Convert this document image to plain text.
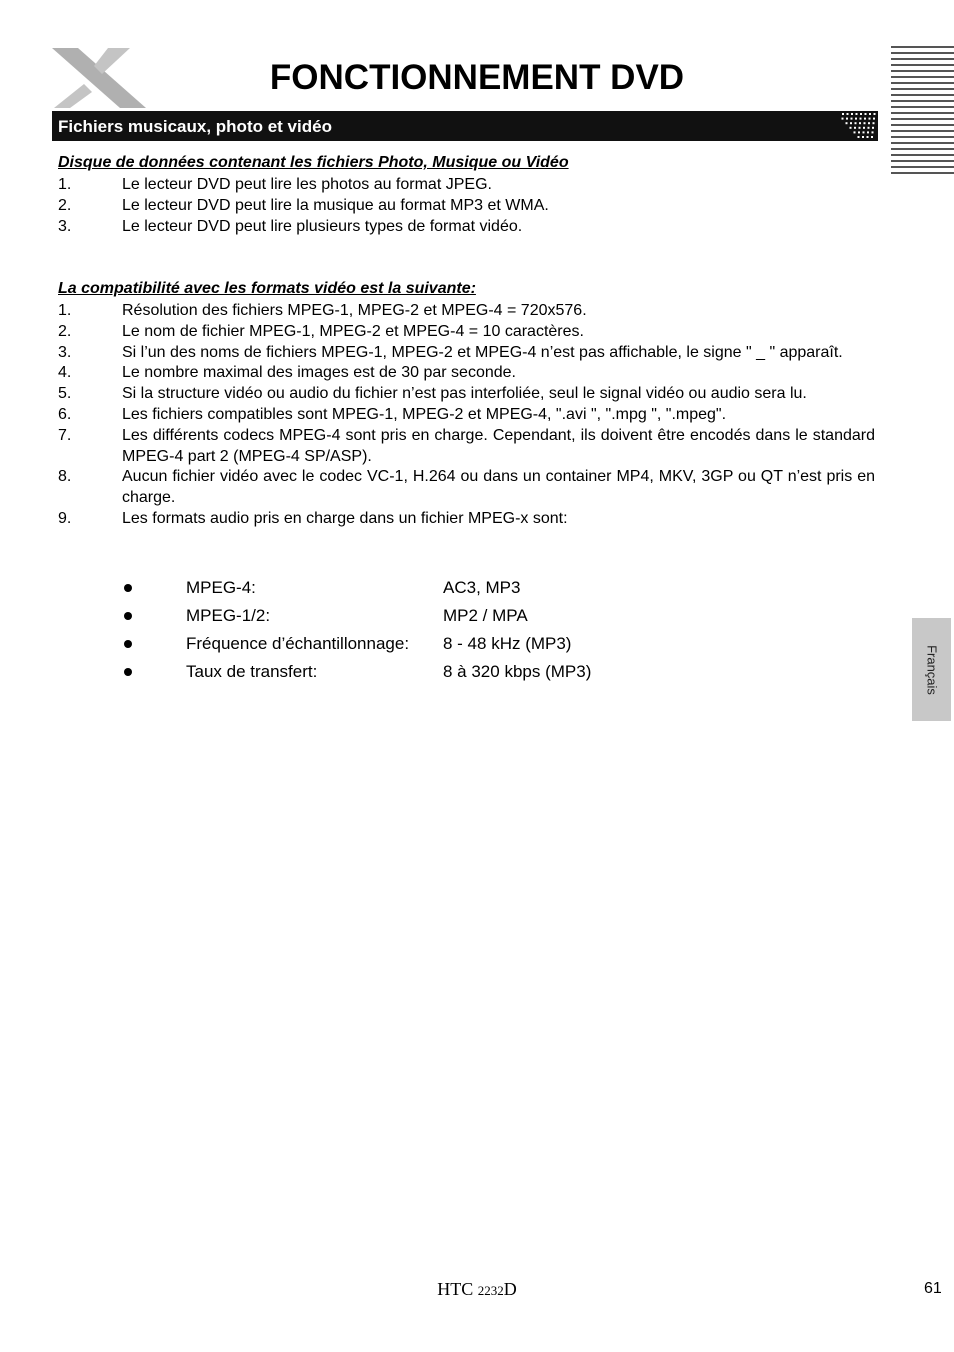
FONCTIONNEMENT DVD
Fichiers musicaux, photo et vidéo
Disque de données contenant les fichiers Photo, Musique ou Vidéo
1.	Le lecteur DVD peut lire les photos au format JPEG.
2.	Le lecteur DVD peut lire la musique au format MP3 et WMA.
3.	Le lecteur DVD peut lire plusieurs types de format vidéo.
La compatibilité avec les formats vidéo est la suivante:
1.	Résolution des fichiers MPEG-1, MPEG-2 et MPEG-4 = 720x576.
2.	Le nom de fichier MPEG-1, MPEG-2 et MPEG-4 = 10 caractères.
3.	Si l’un des noms de fichiers MPEG-1, MPEG-2 et MPEG-4 n’est pas affichable, le signe " _ " apparaît.
4.	Le nombre maximal des images est de 30 par seconde.
5.	Si la structure vidéo ou audio du fichier n’est pas interfoliée, seul le signal vidéo ou audio sera lu.
6.	Les fichiers compatibles sont MPEG-1, MPEG-2 et MPEG-4, ".avi ", ".mpg ", ".mpeg".
7.	Les différents codecs MPEG-4 sont pris en charge. Cependant, ils doivent être encodés dans le standard MPEG-4 part 2 (MPEG-4 SP/ASP).
8.	Aucun fichier vidéo avec le codec VC-1, H.264 ou dans un container MP4, MKV, 3GP ou QT n’est pris en charge.
9.	Les formats audio pris en charge dans un fichier MPEG-x sont:
MPEG-4:	AC3, MP3
MPEG-1/2:	MP2 / MPA
Fréquence d’échantillonnage: 8 - 48 kHz (MP3)
Taux de transfert:	8 à 320 kbps (MP3)	Français
HTC 2232D	61
